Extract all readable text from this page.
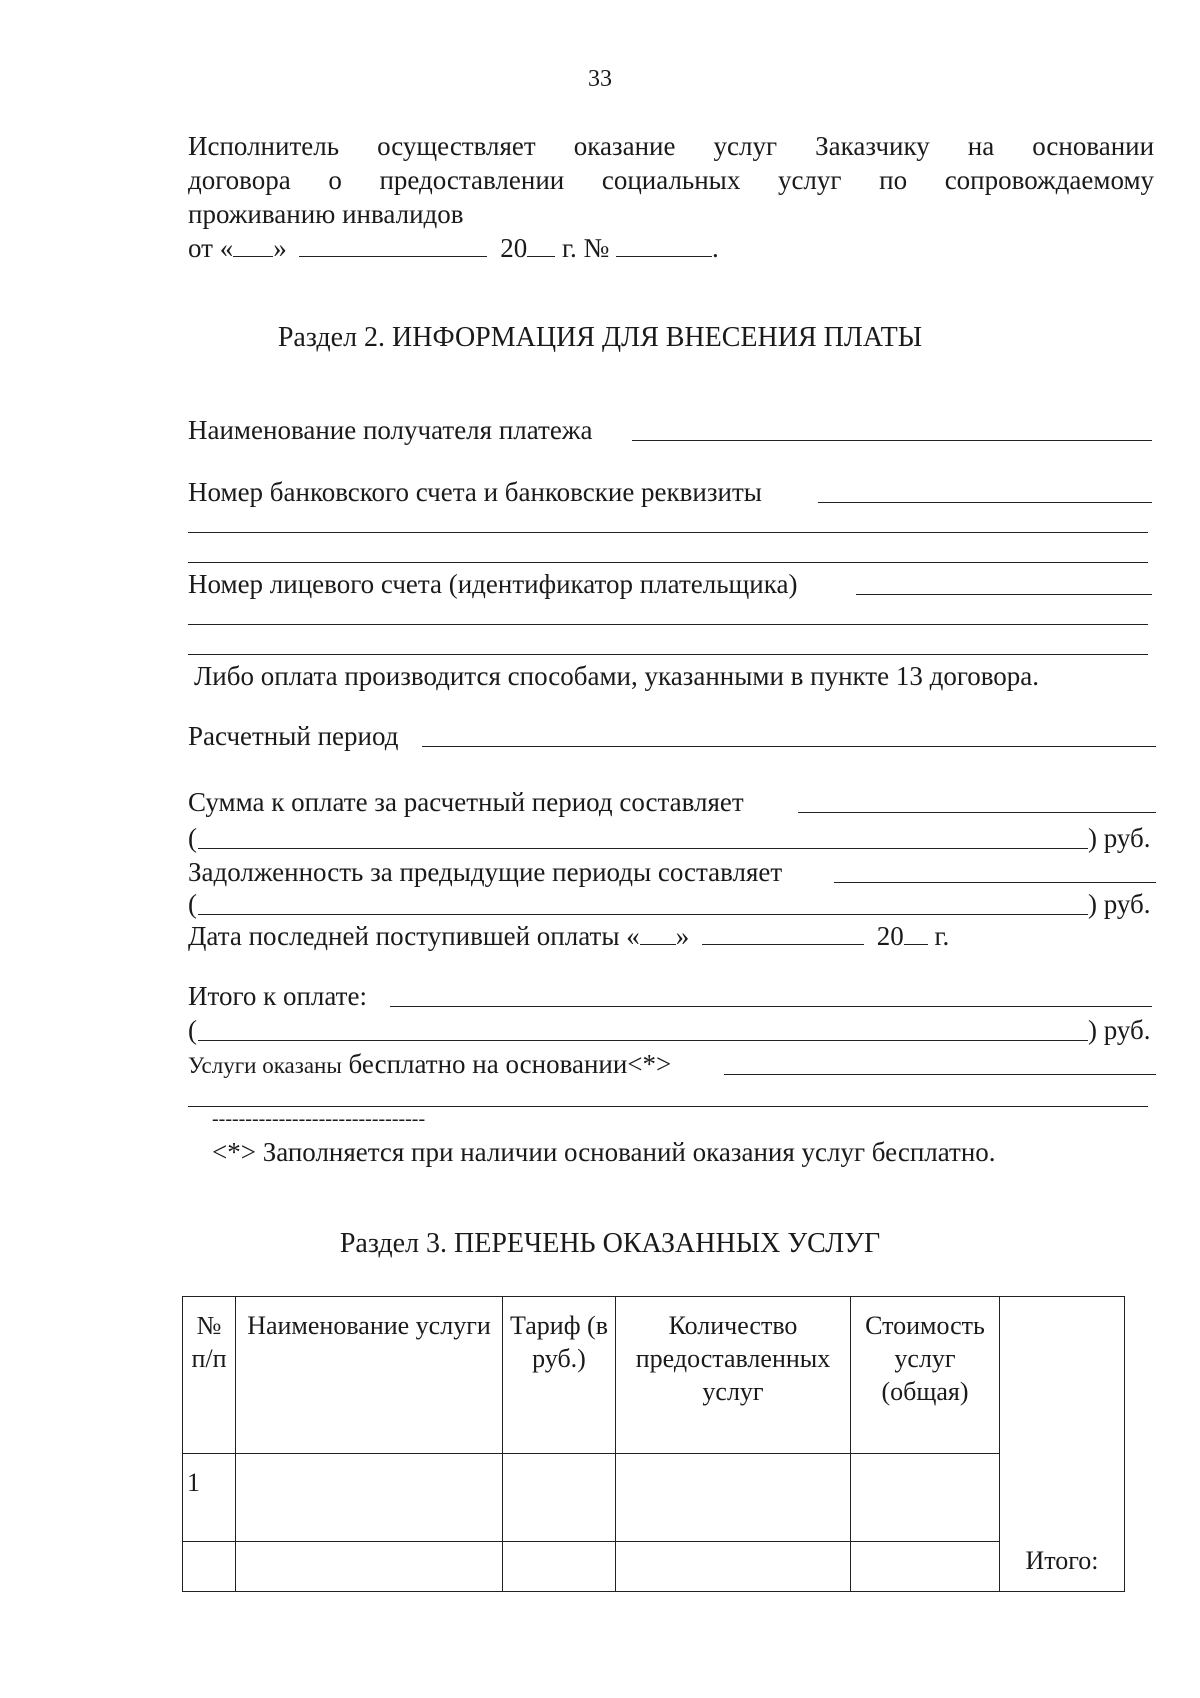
33
Исполнитель осуществляет оказание услуг Заказчику на основании
договора о предоставлении социальных услуг по сопровождаемому
проживанию инвалидов
от « »	20 г. №	.
Раздел 2. ИНФОРМАЦИЯ ДЛЯ ВНЕСЕНИЯ ПЛАТЫ
Наименование получателя платежа
Номер банковского счета и банковские реквизиты
Номер лицевого счета (идентификатор плательщика)
Либо оплата производится способами, указанными в пункте 13 договора.
Расчетный период
Сумма к оплате за расчетный период составляет
(	) руб.
Задолженность за предыдущие периоды составляет
(	) руб.
Дата последней поступившей оплаты « »	20 г.
Итого к оплате:
(	) руб.
Услуги оказаны бесплатно на основании<*>
--------------------------------
<*> Заполняется при наличии оснований оказания услуг бесплатно.
Раздел 3. ПЕРЕЧЕНЬ ОКАЗАННЫХ УСЛУГ
№ п/п	Наименование услуги	Тариф (в руб.)	Количество предоставленных услуг	Стоимость услуг (общая)	Итого:
1					
